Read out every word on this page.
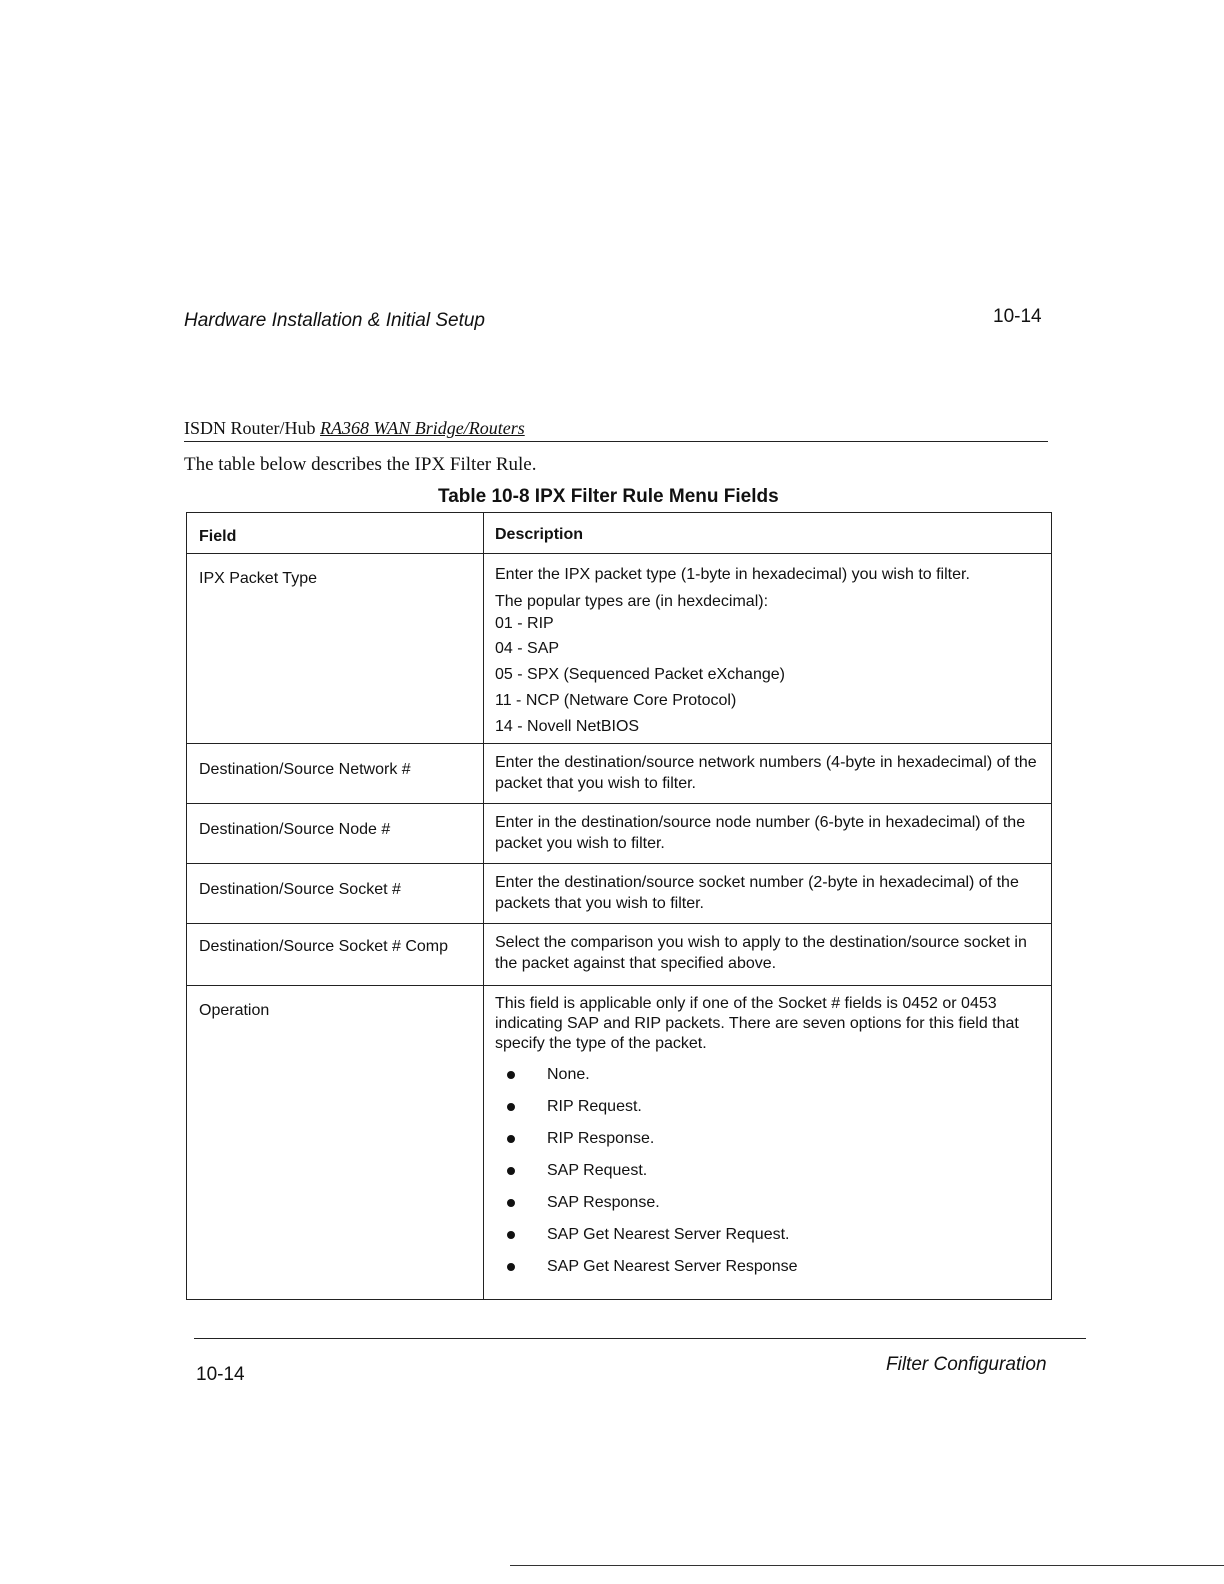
Hardware Installation & Initial Setup	10-14
ISDN Router/Hub RA368 WAN Bridge/Routers
The table below describes the IPX Filter Rule.
Table 10-8 IPX Filter Rule Menu Fields
Field	Description
IPX Packet Type	Enter the IPX packet type (1-byte in hexadecimal) you wish to filter.

The popular types are (in hexdecimal):

01 - RIP

04 - SAP

05 - SPX (Sequenced Packet eXchange)

11 - NCP (Netware Core Protocol)

14 - Novell NetBIOS

Destination/Source Network #	Enter the destination/source network numbers (4-byte in hexadecimal) of the packet that you wish to filter.
Destination/Source Node #	Enter in the destination/source node number (6-byte in hexadecimal) of the packet you wish to filter.
Destination/Source Socket #	Enter the destination/source socket number (2-byte in hexadecimal) of the packets that you wish to filter.
Destination/Source Socket # Comp	Select the comparison you wish to apply to the destination/source socket in the packet against that specified above.
Operation	This field is applicable only if one of the Socket # fields is 0452 or 0453 indicating SAP and RIP packets. There are seven options for this field that specify the type of the packet.

None.
RIP Request.
RIP Response.
SAP Request.
SAP Response.
SAP Get Nearest Server Request.
SAP Get Nearest Server Response
10-14	Filter Configuration
